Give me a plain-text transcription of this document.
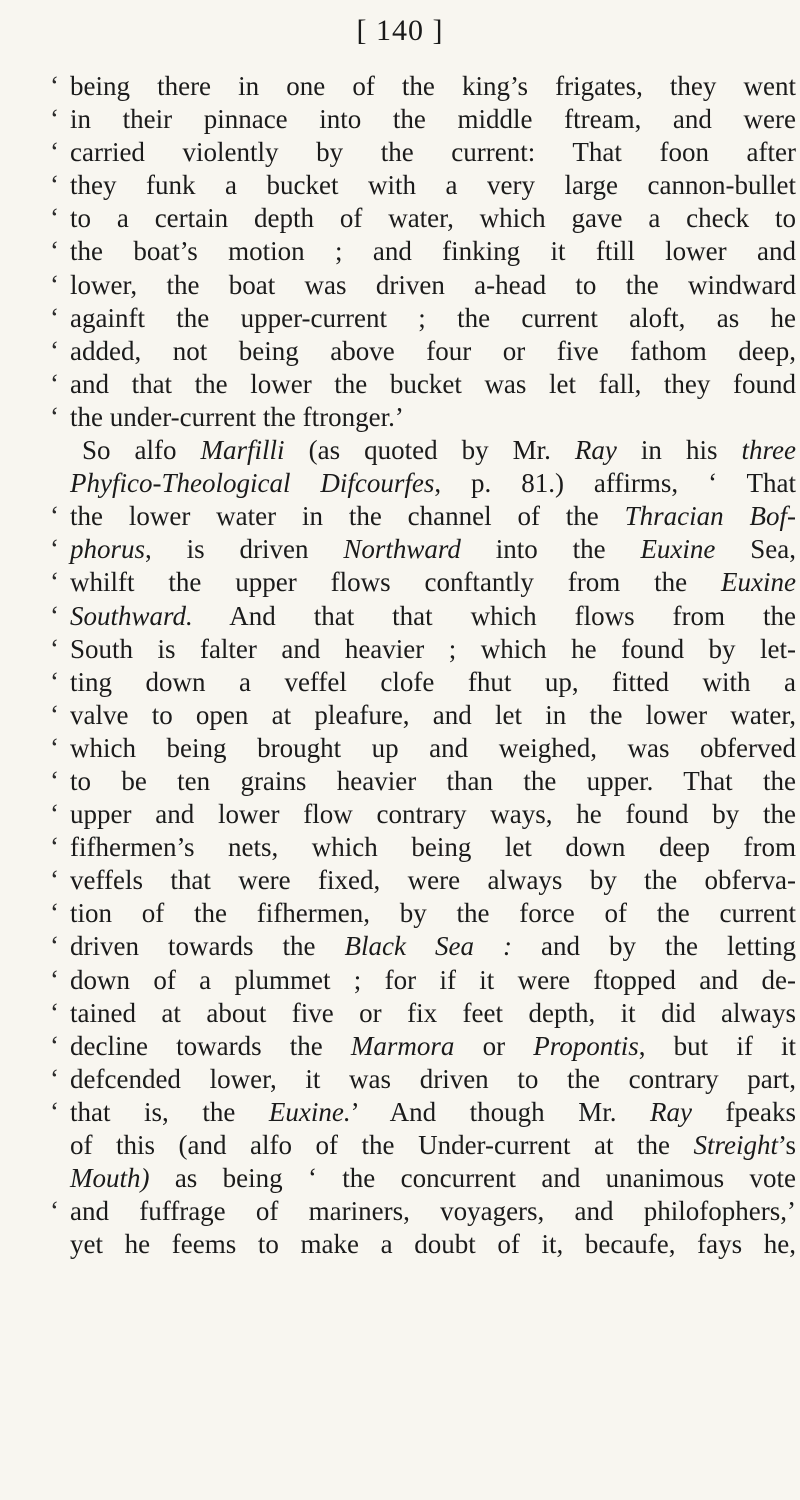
[ 140 ]
‘ being there in one of the king’s frigates, they went
‘ in their pinnace into the middle ftream, and were
‘ carried violently by the current: That foon after
‘ they funk a bucket with a very large cannon-bullet
‘ to a certain depth of water, which gave a check to
‘ the boat’s motion ; and finking it ftill lower and
‘ lower, the boat was driven a-head to the windward
‘ againft the upper-current ; the current aloft, as he
‘ added, not being above four or five fathom deep,
‘ and that the lower the bucket was let fall, they found
‘ the under-current the ftronger.’
So alfo Marfilli (as quoted by Mr. Ray in his three
Phyfico-Theological Difcourfes, p. 81.) affirms, ‘ That
‘ the lower water in the channel of the Thracian Bof-
‘ phorus, is driven Northward into the Euxine Sea,
‘ whilft the upper flows conftantly from the Euxine
‘ Southward. And that that which flows from the
‘ South is falter and heavier ; which he found by let-
‘ ting down a veffel clofe fhut up, fitted with a
‘ valve to open at pleafure, and let in the lower water,
‘ which being brought up and weighed, was obferved
‘ to be ten grains heavier than the upper. That the
‘ upper and lower flow contrary ways, he found by the
‘ fifhermen’s nets, which being let down deep from
‘ veffels that were fixed, were always by the obferva-
‘ tion of the fifhermen, by the force of the current
‘ driven towards the Black Sea : and by the letting
‘ down of a plummet ; for if it were ftopped and de-
‘ tained at about five or fix feet depth, it did always
‘ decline towards the Marmora or Propontis, but if it
‘ defcended lower, it was driven to the contrary part,
‘ that is, the Euxine.’ And though Mr. Ray fpeaks
of this (and alfo of the Under-current at the Streight’s
Mouth) as being ‘ the concurrent and unanimous vote
‘ and fuffrage of mariners, voyagers, and philofophers,’
yet he feems to make a doubt of it, becaufe, fays he,
